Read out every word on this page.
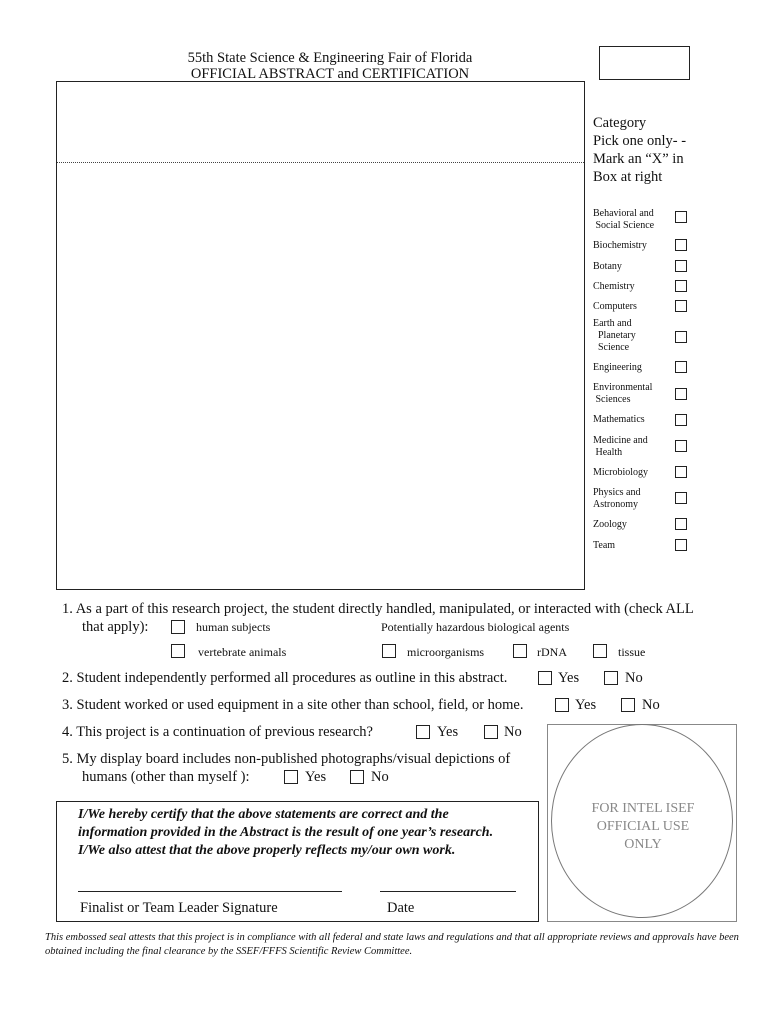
55th State Science & Engineering Fair of Florida
OFFICIAL ABSTRACT and CERTIFICATION
Category
Pick one only- -
Mark an “X” in
Box at right
Behavioral and
Social Science
Biochemistry
Botany
Chemistry
Computers
Earth and
Planetary
Science
Engineering
Environmental
Sciences
Mathematics
Medicine and
Health
Microbiology
Physics and
Astronomy
Zoology
Team
1. As a part of this research project, the student directly handled, manipulated, or interacted with (check ALL
that apply):	human subjects	Potentially hazardous biological agents
vertebrate animals	microorganisms	rDNA	tissue
2. Student independently performed all procedures as outline in this abstract.	Yes	No
3. Student worked or used equipment in a site other than school, field, or home.	Yes	No
4. This project is a continuation of previous research?	Yes	No
5. My display board includes non-published photographs/visual depictions of
humans (other than myself ):	Yes	No
I/We hereby certify that the above statements are correct and the
information provided in the Abstract is the result of one year’s research.
I/We also attest that the above properly reflects my/our own work.
Finalist or Team Leader Signature	Date
FOR INTEL ISEF
OFFICIAL USE
ONLY
This embossed seal attests that this project is in compliance with all federal and state laws and regulations and that all appropriate reviews and approvals have been obtained including the final clearance by the SSEF/FFFS Scientific Review Committee.
